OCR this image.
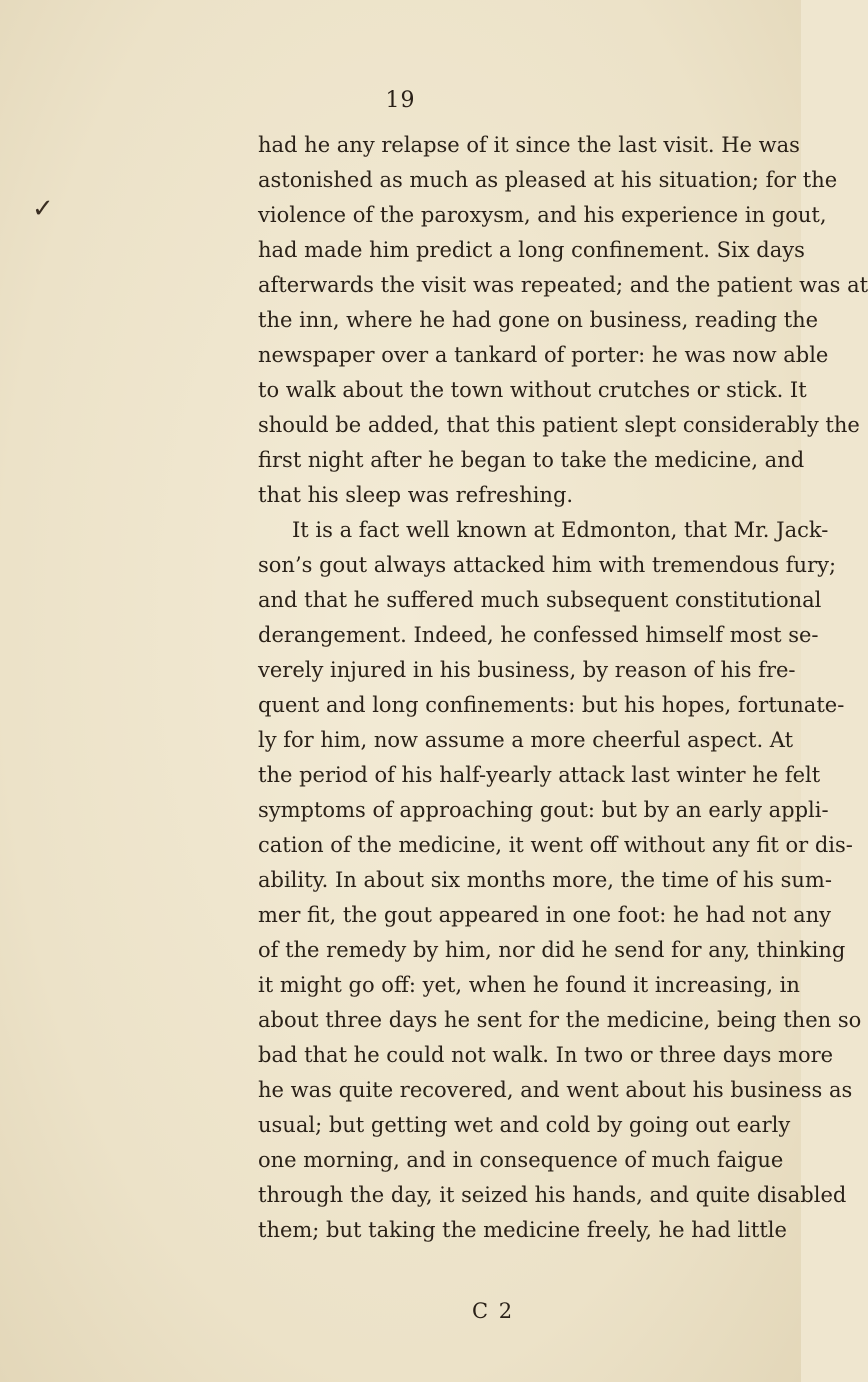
19
✓
had he any relapse of it since the last visit. He was
astonished as much as pleased at his situation; for the
violence of the paroxysm, and his experience in gout,
had made him predict a long confinement. Six days
afterwards the visit was repeated; and the patient was at
the inn, where he had gone on business, reading the
newspaper over a tankard of porter: he was now able
to walk about the town without crutches or stick. It
should be added, that this patient slept considerably the
first night after he began to take the medicine, and
that his sleep was refreshing.
It is a fact well known at Edmonton, that Mr. Jack-
son’s gout always attacked him with tremendous fury;
and that he suffered much subsequent constitutional
derangement. Indeed, he confessed himself most se-
verely injured in his business, by reason of his fre-
quent and long confinements: but his hopes, fortunate-
ly for him, now assume a more cheerful aspect. At
the period of his half-yearly attack last winter he felt
symptoms of approaching gout: but by an early appli-
cation of the medicine, it went off without any fit or dis-
ability. In about six months more, the time of his sum-
mer fit, the gout appeared in one foot: he had not any
of the remedy by him, nor did he send for any, thinking
it might go off: yet, when he found it increasing, in
about three days he sent for the medicine, being then so
bad that he could not walk. In two or three days more
he was quite recovered, and went about his business as
usual; but getting wet and cold by going out early
one morning, and in consequence of much faigue
through the day, it seized his hands, and quite disabled
them; but taking the medicine freely, he had little
C 2
